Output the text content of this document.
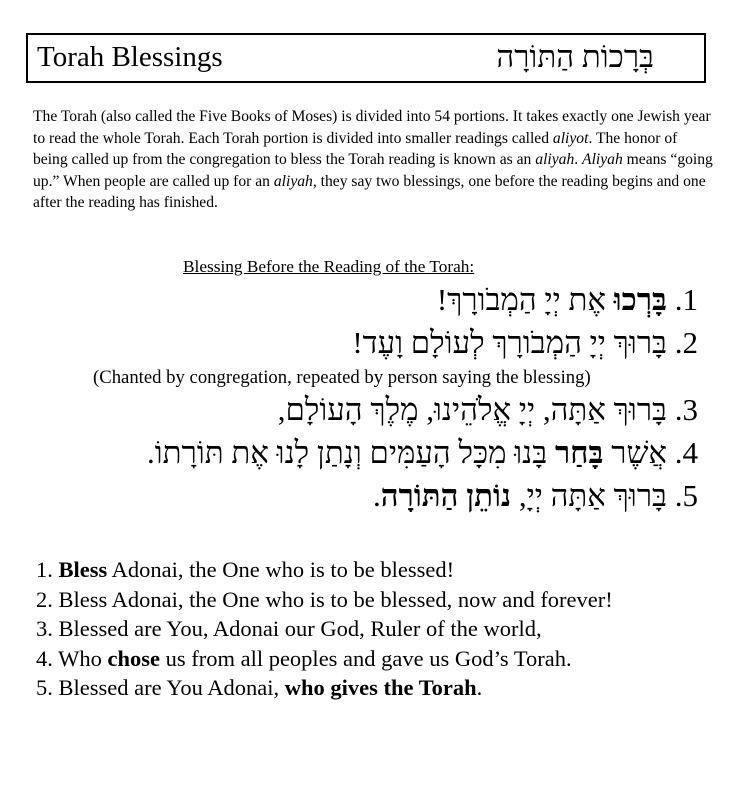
Torah Blessings	בְּרָכוֹת הַתּוֹרָה

The Torah (also called the Five Books of Moses) is divided into 54 portions. It takes exactly one Jewish year to read the whole Torah. Each Torah portion is divided into smaller readings called aliyot. The honor of being called up from the congregation to bless the Torah reading is known as an aliyah. Aliyah means “going up.” When people are called up for an aliyah, they say two blessings, one before the reading begins and one after the reading has finished.

Blessing Before the Reading of the Torah:
בָּרְכוּ אֶת יְיָ הַמְבֹורָךְ! .1
בָּרוּךְ יְיָ הַמְבֹורָךְ לְעוֹלָם וָעֶד! .2
(Chanted by congregation, repeated by person saying the blessing)
בָּרוּךְ אַתָּה, יְיָ אֱלֹהֵינוּ, מֶלֶךְ הָעוֹלָם, .3
אֲשֶׁר בָּחַר בָּנוּ מִכָּל הָעַמִּים וְנָתַן לָנוּ אֶת תּוֹרָתוֹ.	.4
בָּרוּךְ אַתָּה יְיָ, נוֹתֵן הַתּוֹרָה.	.5
1. Bless Adonai, the One who is to be blessed!
2. Bless Adonai, the One who is to be blessed, now and forever!
3. Blessed are You, Adonai our God, Ruler of the world,
4. Who chose us from all peoples and gave us God’s Torah.
5. Blessed are You Adonai, who gives the Torah.
